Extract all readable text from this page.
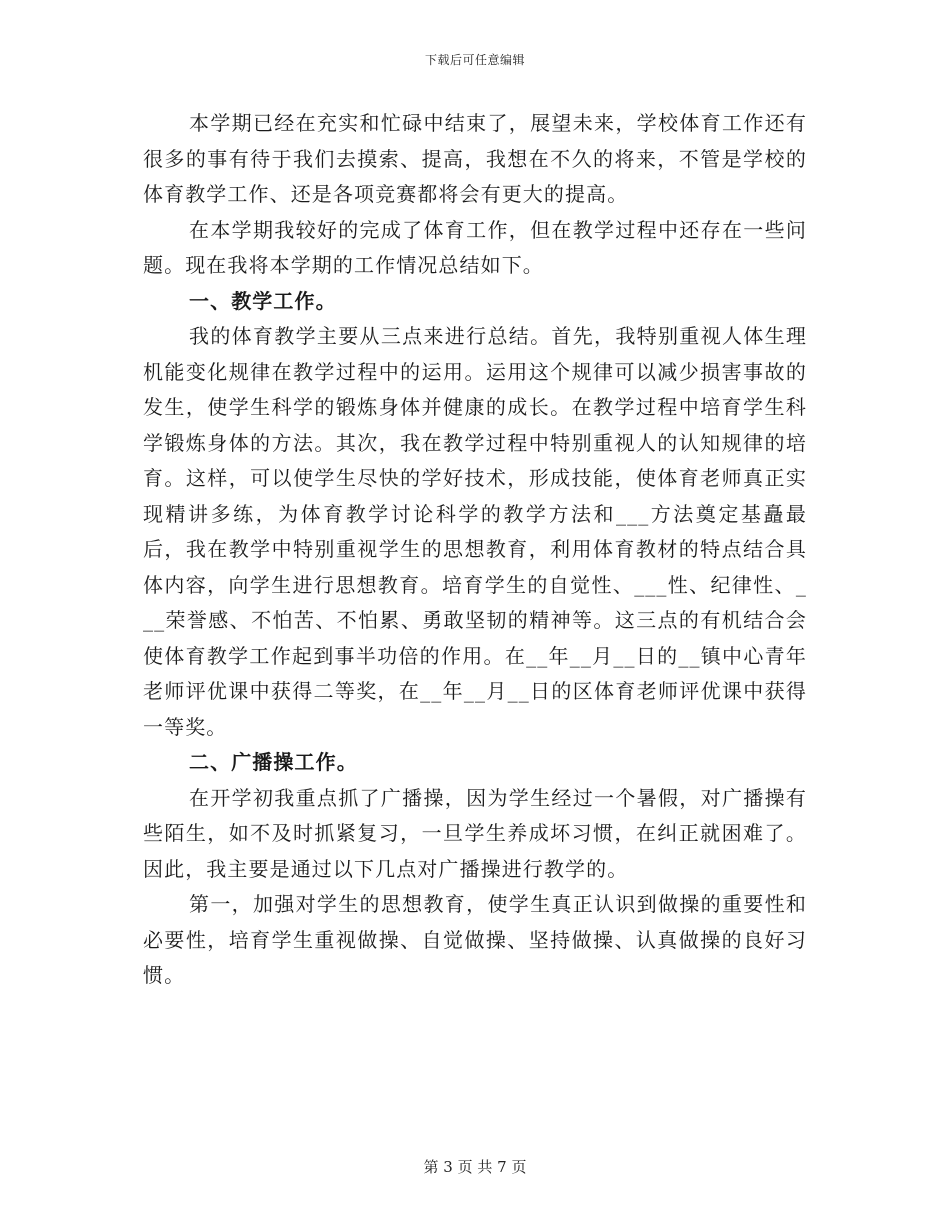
下载后可任意编辑

本学期已经在充实和忙碌中结束了，展望未来，学校体育工作还有很多的事有待于我们去摸索、提高，我想在不久的将来，不管是学校的体育教学工作、还是各项竞赛都将会有更大的提高。

在本学期我较好的完成了体育工作，但在教学过程中还存在一些问题。现在我将本学期的工作情况总结如下。

一、教学工作。

我的体育教学主要从三点来进行总结。首先，我特别重视人体生理机能变化规律在教学过程中的运用。运用这个规律可以减少损害事故的发生，使学生科学的锻炼身体并健康的成长。在教学过程中培育学生科学锻炼身体的方法。其次，我在教学过程中特别重视人的认知规律的培育。这样，可以使学生尽快的学好技术，形成技能，使体育老师真正实现精讲多练，为体育教学讨论科学的教学方法和___方法奠定基矗最后，我在教学中特别重视学生的思想教育，利用体育教材的特点结合具体内容，向学生进行思想教育。培育学生的自觉性、___性、纪律性、___荣誉感、不怕苦、不怕累、勇敢坚韧的精神等。这三点的有机结合会使体育教学工作起到事半功倍的作用。在__年__月__日的__镇中心青年老师评优课中获得二等奖，在__年__月__日的区体育老师评优课中获得一等奖。

二、广播操工作。

在开学初我重点抓了广播操，因为学生经过一个暑假，对广播操有些陌生，如不及时抓紧复习，一旦学生养成坏习惯，在纠正就困难了。因此，我主要是通过以下几点对广播操进行教学的。

第一，加强对学生的思想教育，使学生真正认识到做操的重要性和必要性，培育学生重视做操、自觉做操、坚持做操、认真做操的良好习惯。

第 3 页 共 7 页
